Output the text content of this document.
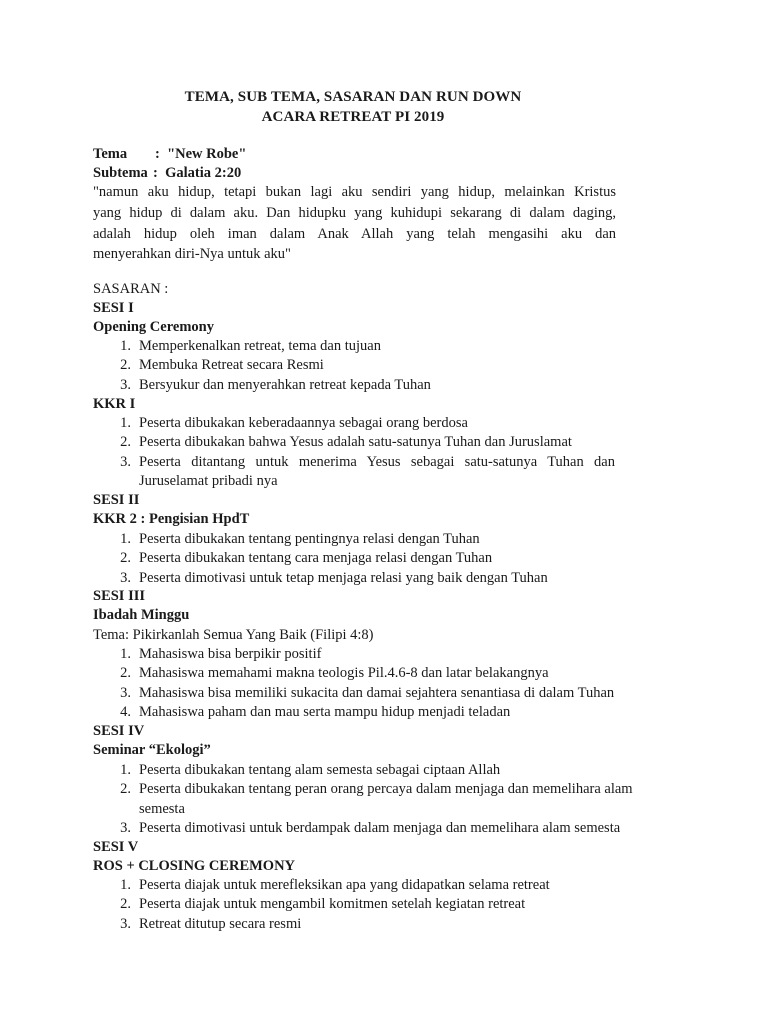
TEMA, SUB TEMA, SASARAN DAN RUN DOWN
ACARA RETREAT PI 2019
Tema : "New Robe"
Subtema : Galatia 2:20
"namun aku hidup, tetapi bukan lagi aku sendiri yang hidup, melainkan Kristus
yang hidup di dalam aku. Dan hidupku yang kuhidupi sekarang di dalam daging,
adalah hidup oleh iman dalam Anak Allah yang telah mengasihi aku dan
menyerahkan diri-Nya untuk aku"
SASARAN :
SESI I
Opening Ceremony
1. Memperkenalkan retreat, tema dan tujuan
2. Membuka Retreat secara Resmi
3. Bersyukur dan menyerahkan retreat kepada Tuhan
KKR I
1. Peserta dibukakan keberadaannya sebagai orang berdosa
2. Peserta dibukakan bahwa Yesus adalah satu-satunya Tuhan dan Juruslamat
3. Peserta ditantang untuk menerima Yesus sebagai satu-satunya Tuhan dan Juruselamat pribadi nya
SESI II
KKR 2 : Pengisian HpdT
1. Peserta dibukakan tentang pentingnya relasi dengan Tuhan
2. Peserta dibukakan tentang cara menjaga relasi dengan Tuhan
3. Peserta dimotivasi untuk tetap menjaga relasi yang baik dengan Tuhan
SESI III
Ibadah Minggu
Tema: Pikirkanlah Semua Yang Baik (Filipi 4:8)
1. Mahasiswa bisa berpikir positif
2. Mahasiswa memahami makna teologis Pil.4.6-8 dan latar belakangnya
3. Mahasiswa bisa memiliki sukacita dan damai sejahtera senantiasa di dalam Tuhan
4. Mahasiswa paham dan mau serta mampu hidup menjadi teladan
SESI IV
Seminar “Ekologi”
1. Peserta dibukakan tentang alam semesta sebagai ciptaan Allah
2. Peserta dibukakan tentang peran orang percaya dalam menjaga dan memelihara alam semesta
3. Peserta dimotivasi untuk berdampak dalam menjaga dan memelihara alam semesta
SESI V
ROS + CLOSING CEREMONY
1. Peserta diajak untuk merefleksikan apa yang didapatkan selama retreat
2. Peserta diajak untuk mengambil komitmen setelah kegiatan retreat
3. Retreat ditutup secara resmi
